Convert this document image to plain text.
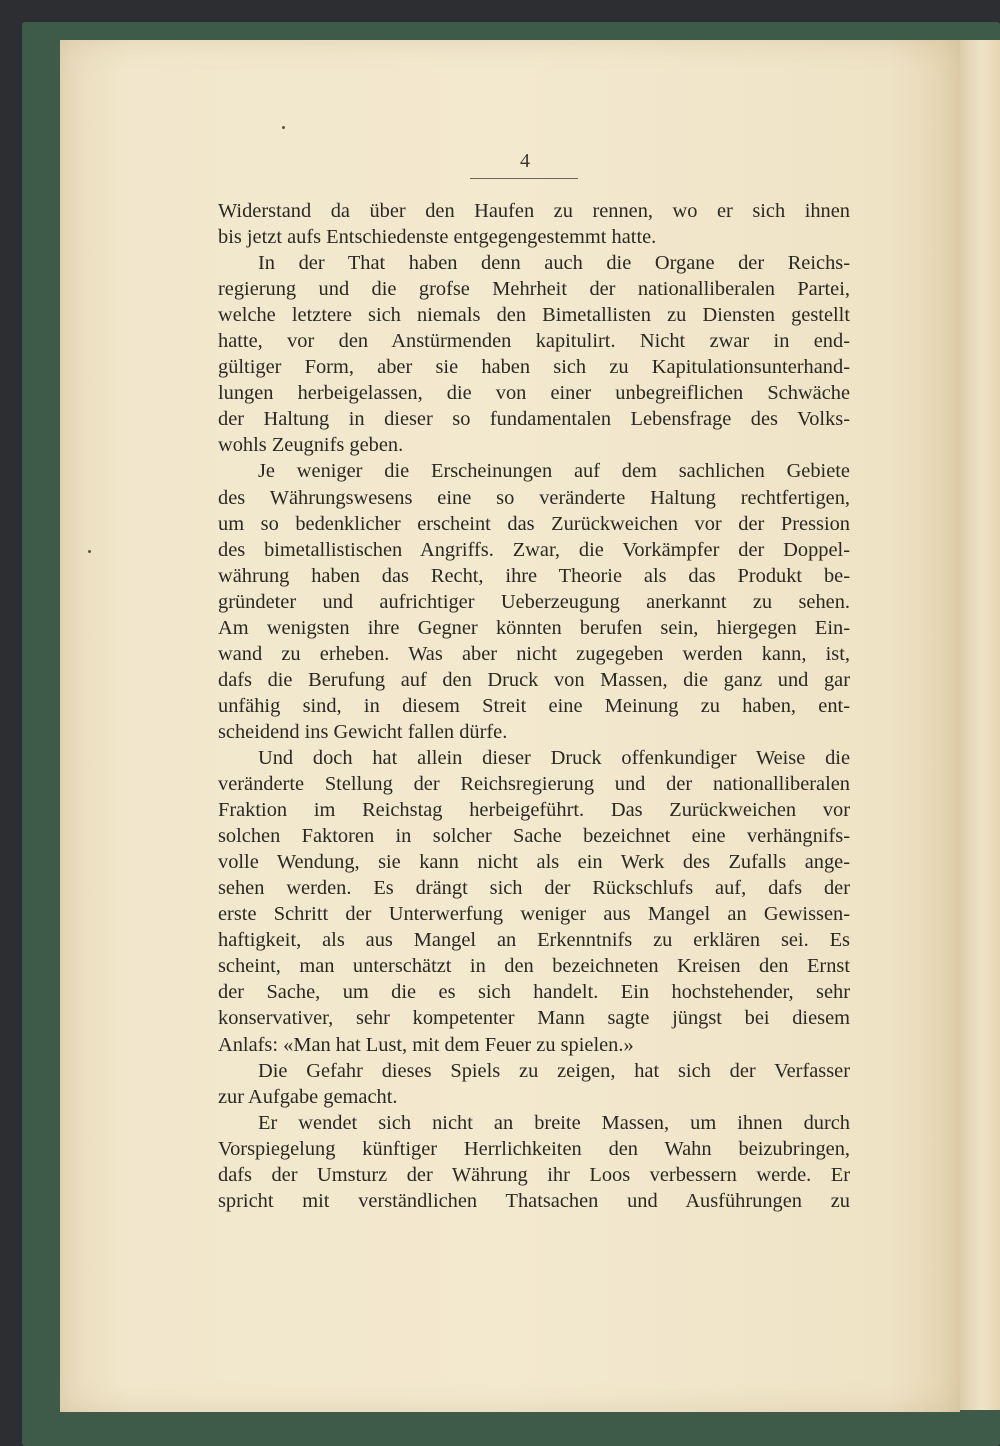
4
Widerstand da über den Haufen zu rennen, wo er sich ihnen
bis jetzt aufs Entschiedenste entgegengestemmt hatte.
In der That haben denn auch die Organe der Reichs-
regierung und die grofse Mehrheit der nationalliberalen Partei,
welche letztere sich niemals den Bimetallisten zu Diensten gestellt
hatte, vor den Anstürmenden kapitulirt. Nicht zwar in end-
gültiger Form, aber sie haben sich zu Kapitulationsunterhand-
lungen herbeigelassen, die von einer unbegreiflichen Schwäche
der Haltung in dieser so fundamentalen Lebensfrage des Volks-
wohls Zeugnifs geben.
Je weniger die Erscheinungen auf dem sachlichen Gebiete
des Währungswesens eine so veränderte Haltung rechtfertigen,
um so bedenklicher erscheint das Zurückweichen vor der Pression
des bimetallistischen Angriffs. Zwar, die Vorkämpfer der Doppel-
währung haben das Recht, ihre Theorie als das Produkt be-
gründeter und aufrichtiger Ueberzeugung anerkannt zu sehen.
Am wenigsten ihre Gegner könnten berufen sein, hiergegen Ein-
wand zu erheben. Was aber nicht zugegeben werden kann, ist,
dafs die Berufung auf den Druck von Massen, die ganz und gar
unfähig sind, in diesem Streit eine Meinung zu haben, ent-
scheidend ins Gewicht fallen dürfe.
Und doch hat allein dieser Druck offenkundiger Weise die
veränderte Stellung der Reichsregierung und der nationalliberalen
Fraktion im Reichstag herbeigeführt. Das Zurückweichen vor
solchen Faktoren in solcher Sache bezeichnet eine verhängnifs-
volle Wendung, sie kann nicht als ein Werk des Zufalls ange-
sehen werden. Es drängt sich der Rückschlufs auf, dafs der
erste Schritt der Unterwerfung weniger aus Mangel an Gewissen-
haftigkeit, als aus Mangel an Erkenntnifs zu erklären sei. Es
scheint, man unterschätzt in den bezeichneten Kreisen den Ernst
der Sache, um die es sich handelt. Ein hochstehender, sehr
konservativer, sehr kompetenter Mann sagte jüngst bei diesem
Anlafs: «Man hat Lust, mit dem Feuer zu spielen.»
Die Gefahr dieses Spiels zu zeigen, hat sich der Verfasser
zur Aufgabe gemacht.
Er wendet sich nicht an breite Massen, um ihnen durch
Vorspiegelung künftiger Herrlichkeiten den Wahn beizubringen,
dafs der Umsturz der Währung ihr Loos verbessern werde. Er
spricht mit verständlichen Thatsachen und Ausführungen zu
